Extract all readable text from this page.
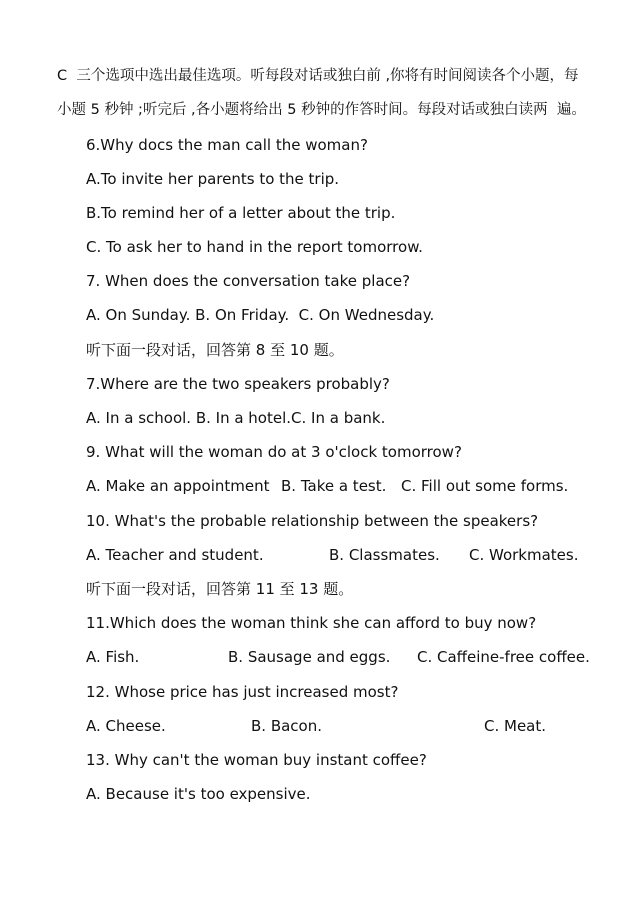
C  三个选项中选出最佳选项。听每段对话或独白前 ,你将有时间阅读各个小题，每
小题 5 秒钟 ;听完后 ,各小题将给出 5 秒钟的作答时间。每段对话或独白读两  遍。
6.Why docs the man call the woman?
A.To invite her parents to the trip.
B.To remind her of a letter about the trip.
C. To ask her to hand in the report tomorrow.
7. When does the conversation take place?
A. On Sunday. B. On Friday.  C. On Wednesday.
听下面一段对话，回答第 8 至 10 题。
7.Where are the two speakers probably?
A. In a school. B. In a hotel.C. In a bank.
9. What will the woman do at 3 o'clock tomorrow?
A. Make an appointment B. Take a test. C. Fill out some forms.
10. What's the probable relationship between the speakers?
A. Teacher and student.	B. Classmates. C. Workmates.
听下面一段对话，回答第 11 至 13 题。
11.Which does the woman think she can afford to buy now?
A. Fish.	B. Sausage and eggs. C. Caffeine-free coffee.
12. Whose price has just increased most?
A. Cheese.	B. Bacon.	C. Meat.
13. Why can't the woman buy instant coffee?
A. Because it's too expensive.
